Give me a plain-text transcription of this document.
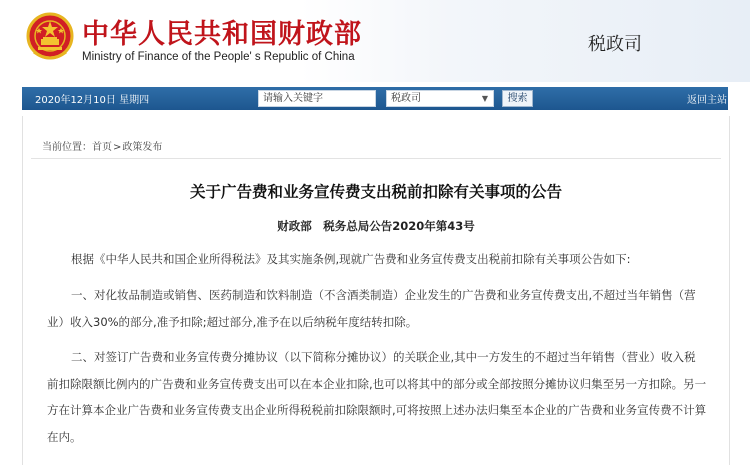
中华人民共和国财政部
Ministry of Finance of the People' s Republic of China
税政司
2020年12月10日 星期四	请输入关键字	税政司	▼	搜索	返回主站
当前位置：首页>政策发布
关于广告费和业务宣传费支出税前扣除有关事项的公告
财政部　税务总局公告2020年第43号
根据《中华人民共和国企业所得税法》及其实施条例,现就广告费和业务宣传费支出税前扣除有关事项公告如下:
一、对化妆品制造或销售、医药制造和饮料制造（不含酒类制造）企业发生的广告费和业务宣传费支出,不超过当年销售（营业）收入30%的部分,准予扣除;超过部分,准予在以后纳税年度结转扣除。
二、对签订广告费和业务宣传费分摊协议（以下简称分摊协议）的关联企业,其中一方发生的不超过当年销售（营业）收入税前扣除限额比例内的广告费和业务宣传费支出可以在本企业扣除,也可以将其中的部分或全部按照分摊协议归集至另一方扣除。另一方在计算本企业广告费和业务宣传费支出企业所得税税前扣除限额时,可将按照上述办法归集至本企业的广告费和业务宣传费不计算在内。
